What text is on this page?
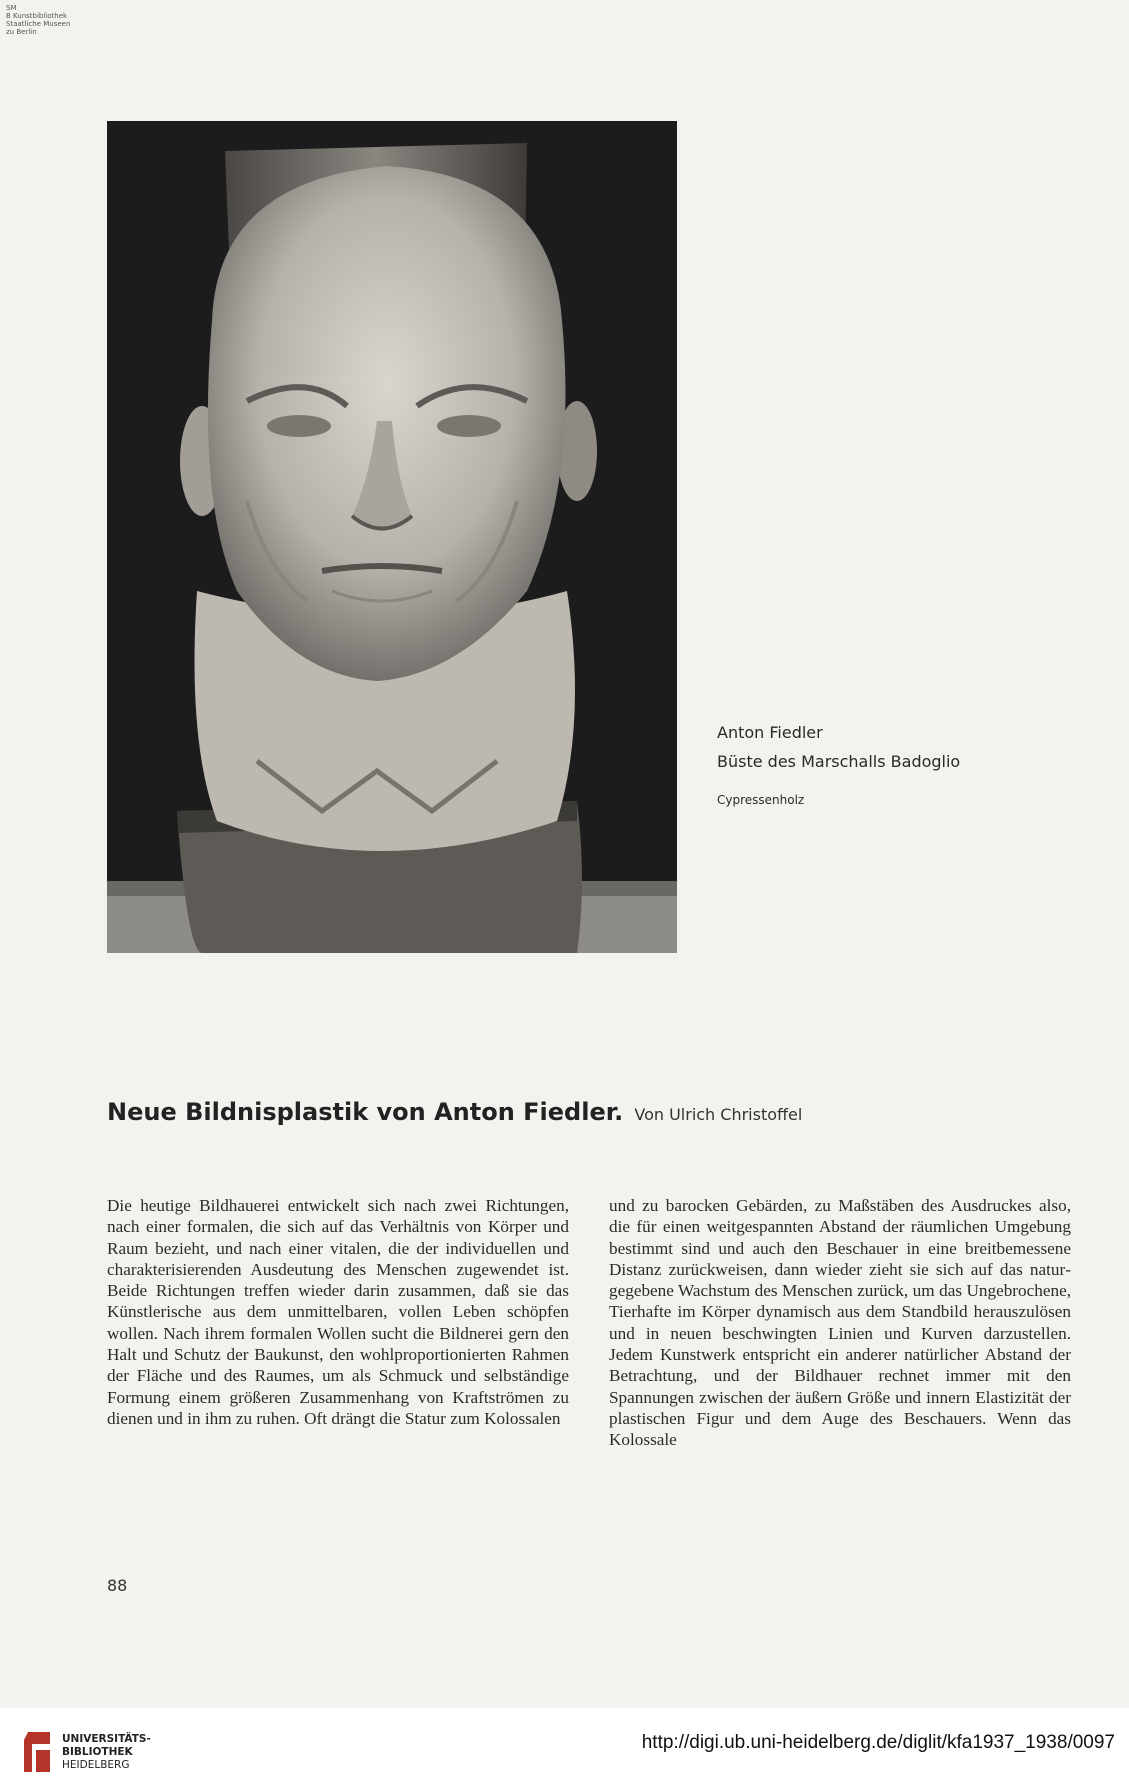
SM
B Kunstbibliothek
Staatliche Museen
zu Berlin
Anton Fiedler
Büste des Marschalls Badoglio
Cypressenholz
Neue Bildnisplastik von Anton Fiedler. Von Ulrich Christoffel
Die heutige Bildhauerei entwickelt sich nach zwei Richtungen, nach einer formalen, die sich auf das Verhältnis von Körper und Raum bezieht, und nach einer vitalen, die der individuellen und charakterisierenden Ausdeutung des Menschen zugewendet ist. Beide Richtungen treffen wieder darin zusammen, daß sie das Künstlerische aus dem unmittelbaren, vollen Leben schöpfen wollen. Nach ihrem formalen Wollen sucht die Bildnerei gern den Halt und Schutz der Baukunst, den wohlproportionierten Rahmen der Fläche und des Raumes, um als Schmuck und selbständige Formung einem größeren Zusammenhang von Kraftströmen zu dienen und in ihm zu ruhen. Oft drängt die Statur zum Kolossalen
und zu barocken Gebärden, zu Maßstäben des Ausdruckes also, die für einen weitgespannten Abstand der räumlichen Umgebung bestimmt sind und auch den Beschauer in eine breitbemessene Distanz zurückweisen, dann wieder zieht sie sich auf das naturgegebene Wachstum des Menschen zurück, um das Ungebrochene, Tierhafte im Körper dynamisch aus dem Standbild herauszulösen und in neuen beschwingten Linien und Kurven darzustellen. Jedem Kunstwerk entspricht ein anderer natürlicher Abstand der Betrachtung, und der Bildhauer rechnet immer mit den Spannungen zwischen der äußern Größe und innern Elastizität der plastischen Figur und dem Auge des Beschauers. Wenn das Kolossale
88
UNIVERSITÄTS-
BIBLIOTHEK
HEIDELBERG
http://digi.ub.uni-heidelberg.de/diglit/kfa1937_1938/0097
